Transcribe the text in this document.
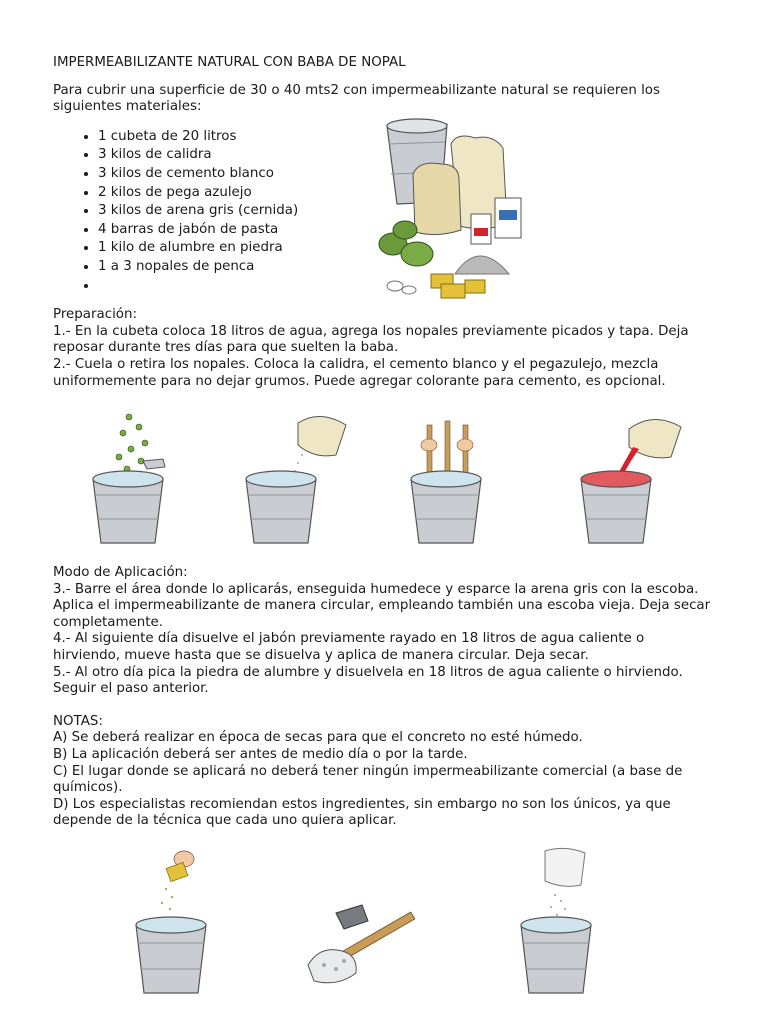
IMPERMEABILIZANTE NATURAL CON BABA DE NOPAL

Para cubrir una superficie de 30 o 40 mts2 con impermeabilizante natural se requieren los siguientes materiales:

• 1 cubeta de 20 litros
• 3 kilos de calidra
• 3 kilos de cemento blanco
• 2 kilos de pega azulejo
• 3 kilos de arena gris (cernida)
• 4 barras de jabón de pasta
• 1 kilo de alumbre en piedra
• 1 a 3 nopales de penca
•

Preparación:

1.- En la cubeta coloca 18 litros de agua, agrega los nopales previamente picados y tapa. Deja reposar durante tres días para que suelten la baba.

2.- Cuela o retira los nopales. Coloca la calidra, el cemento blanco y el pegazulejo, mezcla uniformemente para no dejar grumos. Puede agregar colorante para cemento, es opcional.

Modo de Aplicación:

3.- Barre el área donde lo aplicarás, enseguida humedece y esparce la arena gris con la escoba. Aplica el impermeabilizante de manera circular, empleando también una escoba vieja. Deja secar completamente.

4.- Al siguiente día disuelve el jabón previamente rayado en 18 litros de agua caliente o hirviendo, mueve hasta que se disuelva y aplica de manera circular. Deja secar.

5.- Al otro día pica la piedra de alumbre y disuelvela en 18 litros de agua caliente o hirviendo. Seguir el paso anterior.

NOTAS:

A) Se deberá realizar en época de secas para que el concreto no esté húmedo.

B) La aplicación deberá ser antes de medio día o por la tarde.

C) El lugar donde se aplicará no deberá tener ningún impermeabilizante comercial (a base de químicos).

D) Los especialistas recomiendan estos ingredientes, sin embargo no son los únicos, ya que depende de la técnica que cada uno quiera aplicar.
